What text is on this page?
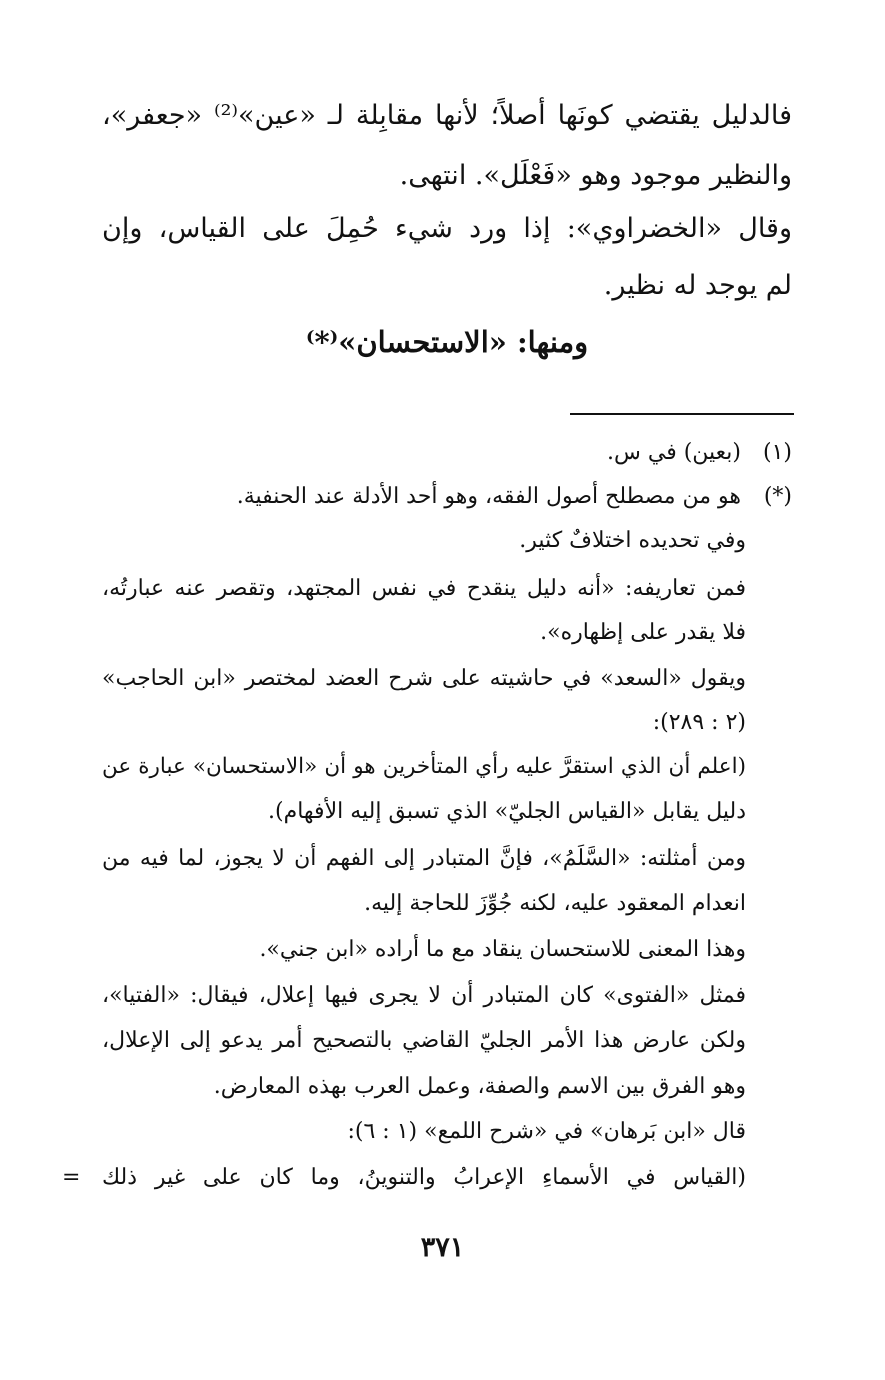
فالدليل يقتضي كونَها أصلاً؛ لأنها مقابِلة لـ «عين»⁽²⁾ «جعفر»،

والنظير موجود وهو «فَعْلَل». انتهى.

وقال «الخضراوي»: إذا ورد شيء حُمِلَ على القياس، وإن

لم يوجد له نظير.

ومنها: «الاستحسان»⁽*⁾

(١) (بعين) في س.

(*) هو من مصطلح أصول الفقه، وهو أحد الأدلة عند الحنفية.

وفي تحديده اختلافٌ كثير.

فمن تعاريفه: «أنه دليل ينقدح في نفس المجتهد، وتقصر عنه عبارتُه،

فلا يقدر على إظهاره».

ويقول «السعد» في حاشيته على شرح العضد لمختصر «ابن الحاجب»

(٢ : ٢٨٩):

(اعلم أن الذي استقرَّ عليه رأي المتأخرين هو أن «الاستحسان» عبارة عن

دليل يقابل «القياس الجليّ» الذي تسبق إليه الأفهام).

ومن أمثلته: «السَّلَمُ»، فإنَّ المتبادر إلى الفهم أن لا يجوز، لما فيه من

انعدام المعقود عليه، لكنه جُوِّزَ للحاجة إليه.

وهذا المعنى للاستحسان ينقاد مع ما أراده «ابن جني».

فمثل «الفتوى» كان المتبادر أن لا يجرى فيها إعلال، فيقال: «الفتيا»،

ولكن عارض هذا الأمر الجليّ القاضي بالتصحيح أمر يدعو إلى الإعلال،

وهو الفرق بين الاسم والصفة، وعمل العرب بهذه المعارض.

قال «ابن بَرهان» في «شرح اللمع» (١ : ٦):

(القياس في الأسماءِ الإعرابُ والتنوينُ، وما كان على غير ذلك

=
٣٧١
